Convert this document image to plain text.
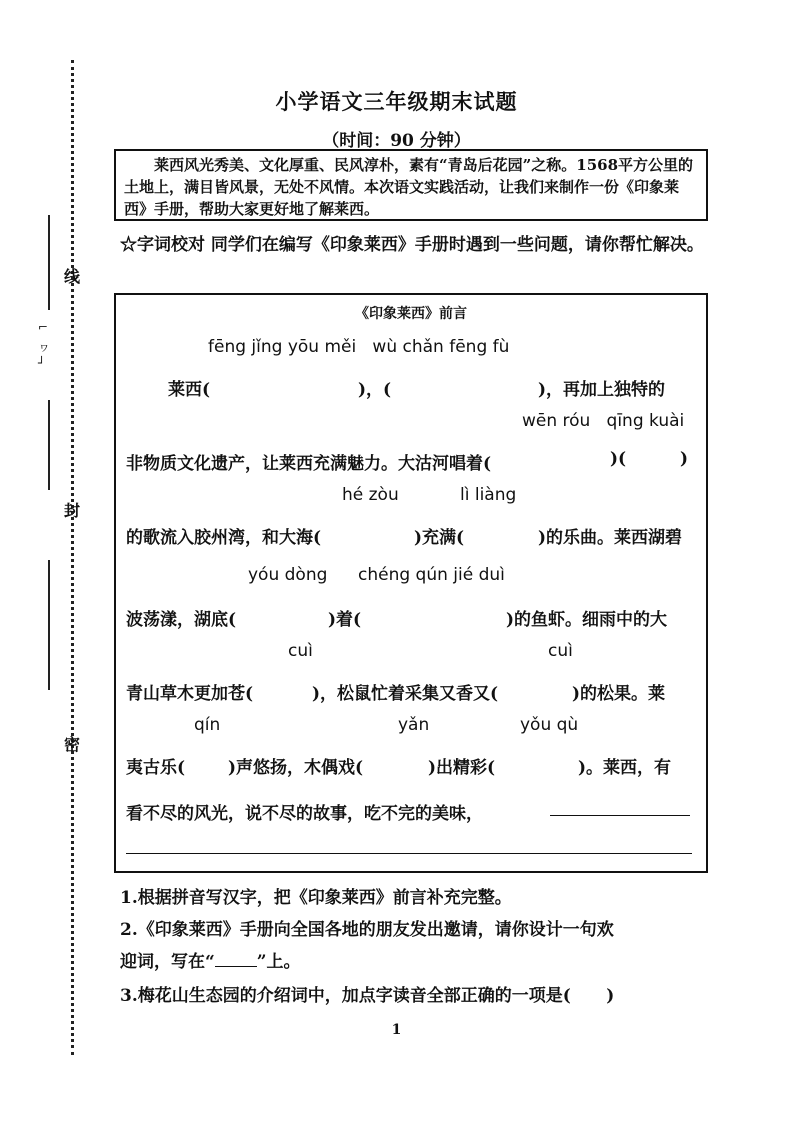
线
封
密
⌐
ヮ
┘
小学语文三年级期末试题
（时间：90 分钟）
莱西风光秀美、文化厚重、民风淳朴，素有“青岛后花园”之称。1568平方公里的土地上，满目皆风景，无处不风情。本次语文实践活动，让我们来制作一份《印象莱西》手册，帮助大家更好地了解莱西。
☆字词校对 同学们在编写《印象莱西》手册时遇到一些问题，请你帮忙解决。
《印象莱西》前言
fēng jǐng yōu měi   wù chǎn fēng fù
莱西(	)，(	)，再加上独特的
wēn róu   qīng kuài
非物质文化遗产，让莱西充满魅力。大沽河唱着(	)(	)
hé zòu	lì liàng
的歌流入胶州湾，和大海(	)充满(	)的乐曲。莱西湖碧
yóu dòng chéng qún jié duì
波荡漾，湖底(	)着(	)的鱼虾。细雨中的大
cuì	cuì
青山草木更加苍(	)，松鼠忙着采集又香又(	)的松果。莱
qín	yǎn	yǒu qù
夷古乐(	)声悠扬，木偶戏(	)出精彩(	)。莱西，有
看不尽的风光，说不尽的故事，吃不完的美味，
1.根据拼音写汉字，把《印象莱西》前言补充完整。
2.《印象莱西》手册向全国各地的朋友发出邀请，请你设计一句欢
迎词，写在“ ”上。
3.梅花山生态园的介绍词中，加点字读音全部正确的一项是(      )
1
